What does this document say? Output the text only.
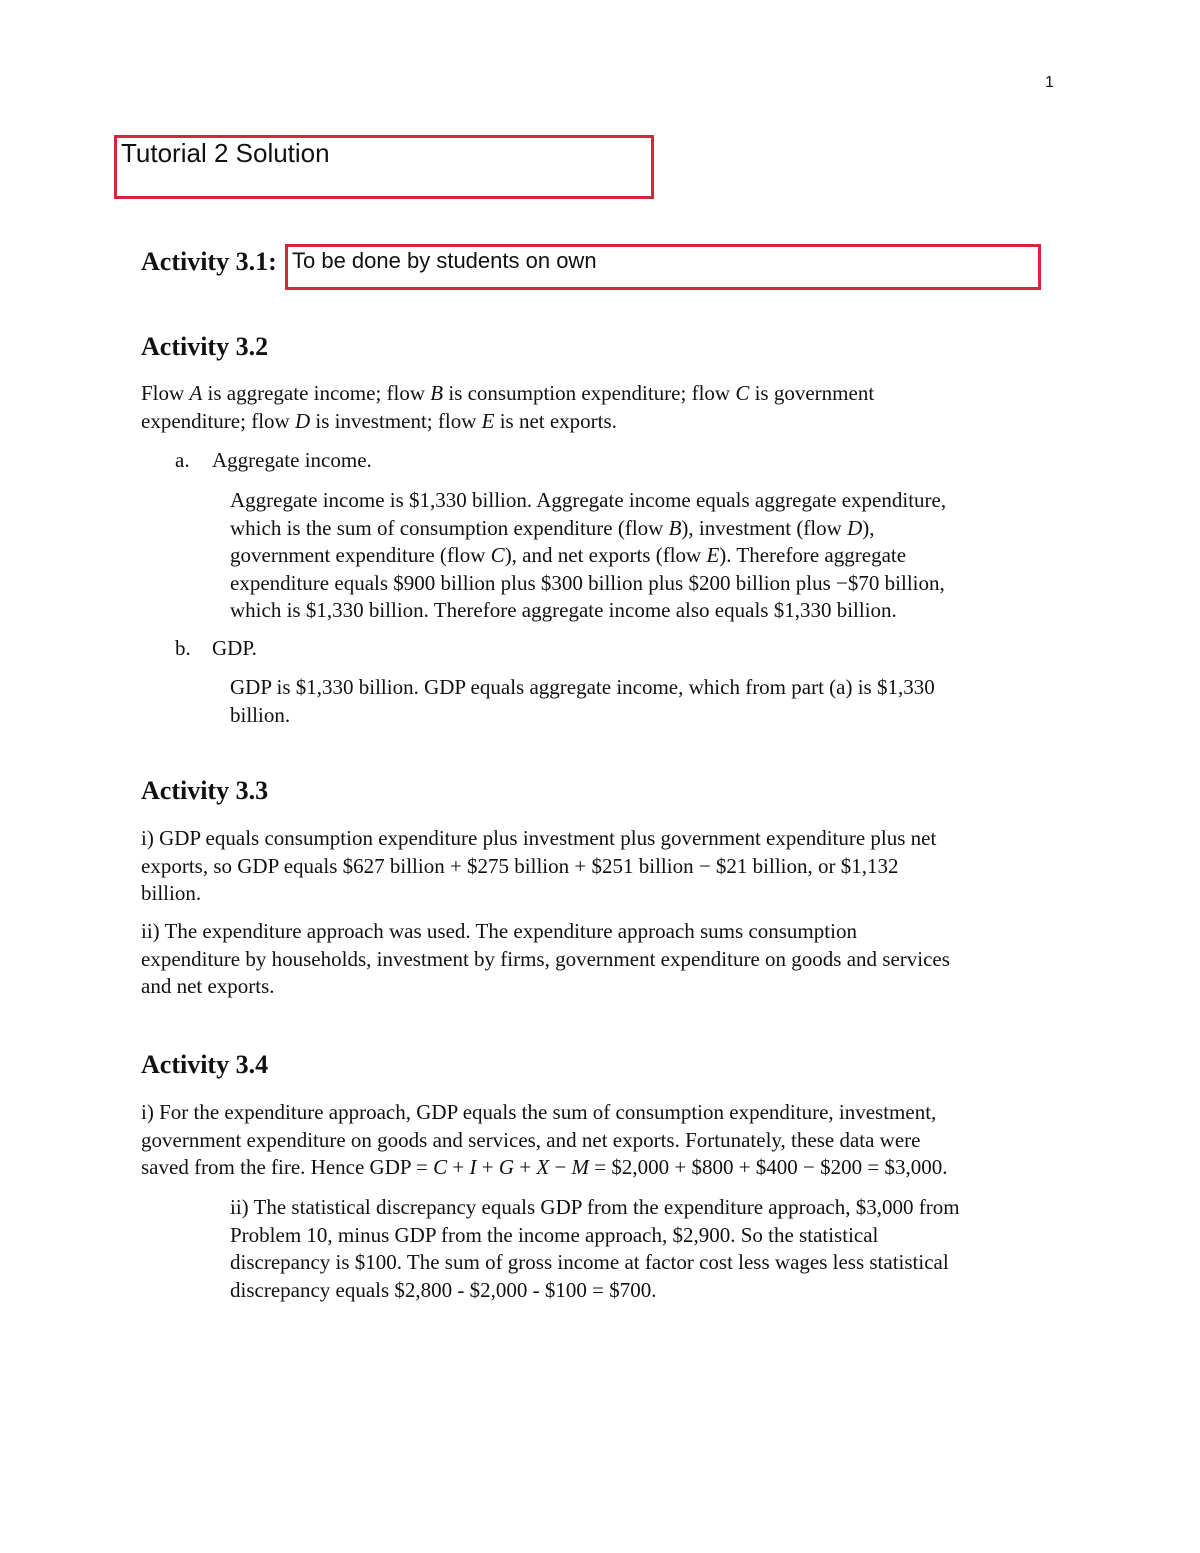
1
Tutorial 2 Solution
Activity 3.1: To be done by students on own
Activity 3.2
Flow A is aggregate income; flow B is consumption expenditure; flow C is government
expenditure; flow D is investment; flow E is net exports.
a. Aggregate income.
Aggregate income is $1,330 billion. Aggregate income equals aggregate expenditure,
which is the sum of consumption expenditure (flow B), investment (flow D),
government expenditure (flow C), and net exports (flow E). Therefore aggregate
expenditure equals $900 billion plus $300 billion plus $200 billion plus −$70 billion,
which is $1,330 billion. Therefore aggregate income also equals $1,330 billion.
b. GDP.
GDP is $1,330 billion. GDP equals aggregate income, which from part (a) is $1,330
billion.
Activity 3.3
i) GDP equals consumption expenditure plus investment plus government expenditure plus net
exports, so GDP equals $627 billion + $275 billion + $251 billion − $21 billion, or $1,132
billion.
ii) The expenditure approach was used. The expenditure approach sums consumption
expenditure by households, investment by firms, government expenditure on goods and services
and net exports.
Activity 3.4
i) For the expenditure approach, GDP equals the sum of consumption expenditure, investment,
government expenditure on goods and services, and net exports. Fortunately, these data were
saved from the fire. Hence GDP = C + I + G + X − M = $2,000 + $800 + $400 − $200 = $3,000.
ii) The statistical discrepancy equals GDP from the expenditure approach, $3,000 from
Problem 10, minus GDP from the income approach, $2,900. So the statistical
discrepancy is $100. The sum of gross income at factor cost less wages less statistical
discrepancy equals $2,800 - $2,000 - $100 = $700.
